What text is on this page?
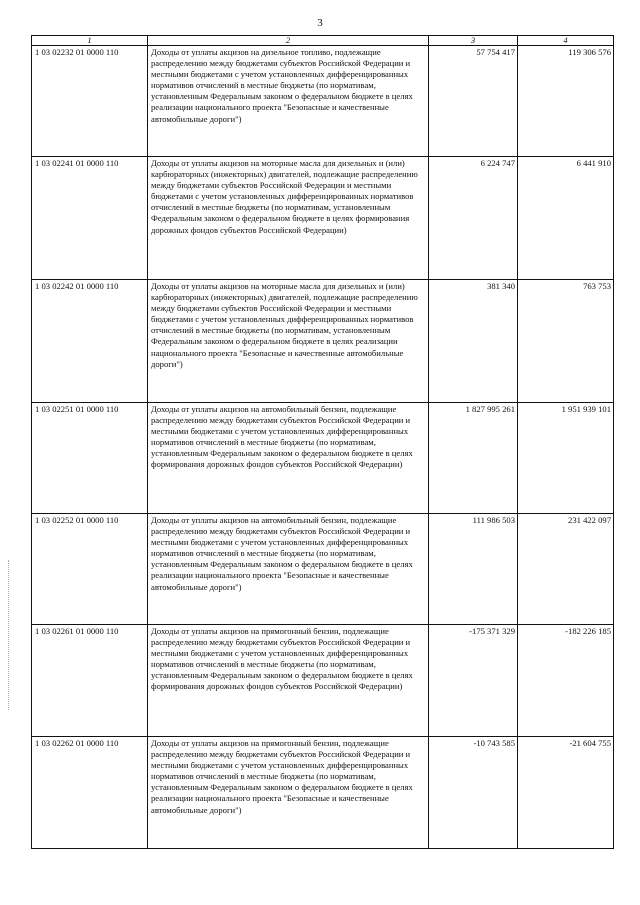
3
1	2	3	4
1 03 02232 01 0000 110	Доходы от уплаты акцизов на дизельное топливо, подлежащие распределению между бюджетами субъектов Российской Федерации и местными бюджетами с учетом установленных дифференцированных нормативов отчислений в местные бюджеты (по нормативам, установленным Федеральным законом о федеральном бюджете в целях реализации национального проекта "Безопасные и качественные автомобильные дороги")	57 754 417	119 306 576
1 03 02241 01 0000 110	Доходы от уплаты акцизов на моторные масла для дизельных и (или) карбюраторных (инжекторных) двигателей, подлежащие распределению между бюджетами субъектов Российской Федерации и местными бюджетами с учетом установленных дифференцированных нормативов отчислений в местные бюджеты (по нормативам, установленным Федеральным законом о федеральном бюджете в целях формирования дорожных фондов субъектов Российской Федерации)	6 224 747	6 441 910
1 03 02242 01 0000 110	Доходы от уплаты акцизов на моторные масла для дизельных и (или) карбюраторных (инжекторных) двигателей, подлежащие распределению между бюджетами субъектов Российской Федерации и местными бюджетами с учетом установленных дифференцированных нормативов отчислений в местные бюджеты (по нормативам, установленным Федеральным законом о федеральном бюджете в целях реализации национального проекта "Безопасные и качественные автомобильные дороги")	381 340	763 753
1 03 02251 01 0000 110	Доходы от уплаты акцизов на автомобильный бензин, подлежащие распределению между бюджетами субъектов Российской Федерации и местными бюджетами с учетом установленных дифференцированных нормативов отчислений в местные бюджеты (по нормативам, установленным Федеральным законом о федеральном бюджете в целях формирования дорожных фондов субъектов Российской Федерации)	1 827 995 261	1 951 939 101
1 03 02252 01 0000 110	Доходы от уплаты акцизов на автомобильный бензин, подлежащие распределению между бюджетами субъектов Российской Федерации и местными бюджетами с учетом установленных дифференцированных нормативов отчислений в местные бюджеты (по нормативам, установленным Федеральным законом о федеральном бюджете в целях реализации национального проекта "Безопасные и качественные автомобильные дороги")	111 986 503	231 422 097
1 03 02261 01 0000 110	Доходы от уплаты акцизов на прямогонный бензин, подлежащие распределению между бюджетами субъектов Российской Федерации и местными бюджетами с учетом установленных дифференцированных нормативов отчислений в местные бюджеты (по нормативам, установленным Федеральным законом о федеральном бюджете в целях формирования дорожных фондов субъектов Российской Федерации)	-175 371 329	-182 226 185
1 03 02262 01 0000 110	Доходы от уплаты акцизов на прямогонный бензин, подлежащие распределению между бюджетами субъектов Российской Федерации и местными бюджетами с учетом установленных дифференцированных нормативов отчислений в местные бюджеты (по нормативам, установленным Федеральным законом о федеральном бюджете в целях реализации национального проекта "Безопасные и качественные автомобильные дороги")	-10 743 585	-21 604 755
